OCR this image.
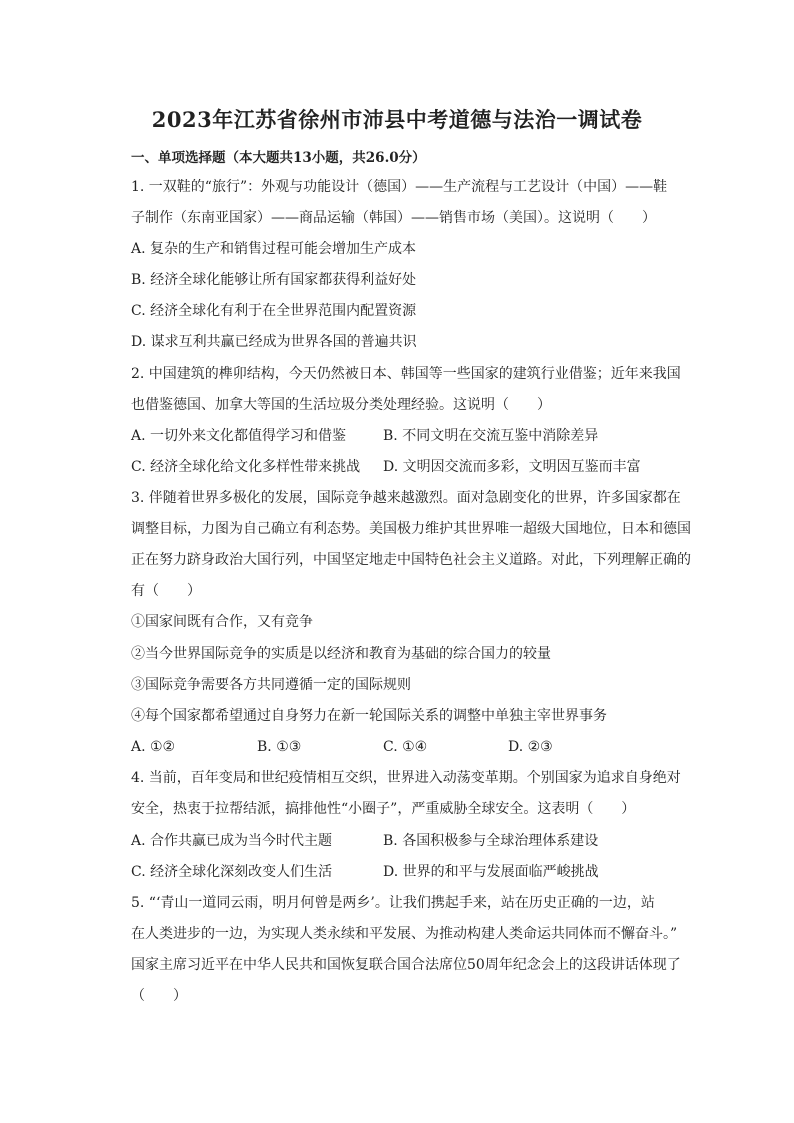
2023年江苏省徐州市沛县中考道德与法治一调试卷
一、单项选择题（本大题共13小题，共26.0分）
1. 一双鞋的“旅行”：外观与功能设计（德国）——生产流程与工艺设计（中国）——鞋
子制作（东南亚国家）——商品运输（韩国）——销售市场（美国）。这说明（　　）
A. 复杂的生产和销售过程可能会增加生产成本
B. 经济全球化能够让所有国家都获得利益好处
C. 经济全球化有利于在全世界范围内配置资源
D. 谋求互利共赢已经成为世界各国的普遍共识
2. 中国建筑的榫卯结构，今天仍然被日本、韩国等一些国家的建筑行业借鉴；近年来我国
也借鉴德国、加拿大等国的生活垃圾分类处理经验。这说明（　　）
A. 一切外来文化都值得学习和借鉴	B. 不同文明在交流互鉴中消除差异
C. 经济全球化给文化多样性带来挑战 D. 文明因交流而多彩，文明因互鉴而丰富
3. 伴随着世界多极化的发展，国际竞争越来越激烈。面对急剧变化的世界，许多国家都在
调整目标，力图为自己确立有利态势。美国极力维护其世界唯一超级大国地位，日本和德国
正在努力跻身政治大国行列，中国坚定地走中国特色社会主义道路。对此，下列理解正确的
有（　　）
①国家间既有合作，又有竞争
②当今世界国际竞争的实质是以经济和教育为基础的综合国力的较量
③国际竞争需要各方共同遵循一定的国际规则
④每个国家都希望通过自身努力在新一轮国际关系的调整中单独主宰世界事务
A. ①②	B. ①③	C. ①④	D. ②③
4. 当前，百年变局和世纪疫情相互交织，世界进入动荡变革期。个别国家为追求自身绝对
安全，热衷于拉帮结派，搞排他性“小圈子”，严重威胁全球安全。这表明（　　）
A. 合作共赢已成为当今时代主题	B. 各国积极参与全球治理体系建设
C. 经济全球化深刻改变人们生活	D. 世界的和平与发展面临严峻挑战
5. “‘青山一道同云雨，明月何曾是两乡’。让我们携起手来，站在历史正确的一边，站
在人类进步的一边，为实现人类永续和平发展、为推动构建人类命运共同体而不懈奋斗。”
国家主席习近平在中华人民共和国恢复联合国合法席位50周年纪念会上的这段讲话体现了
（　　）
